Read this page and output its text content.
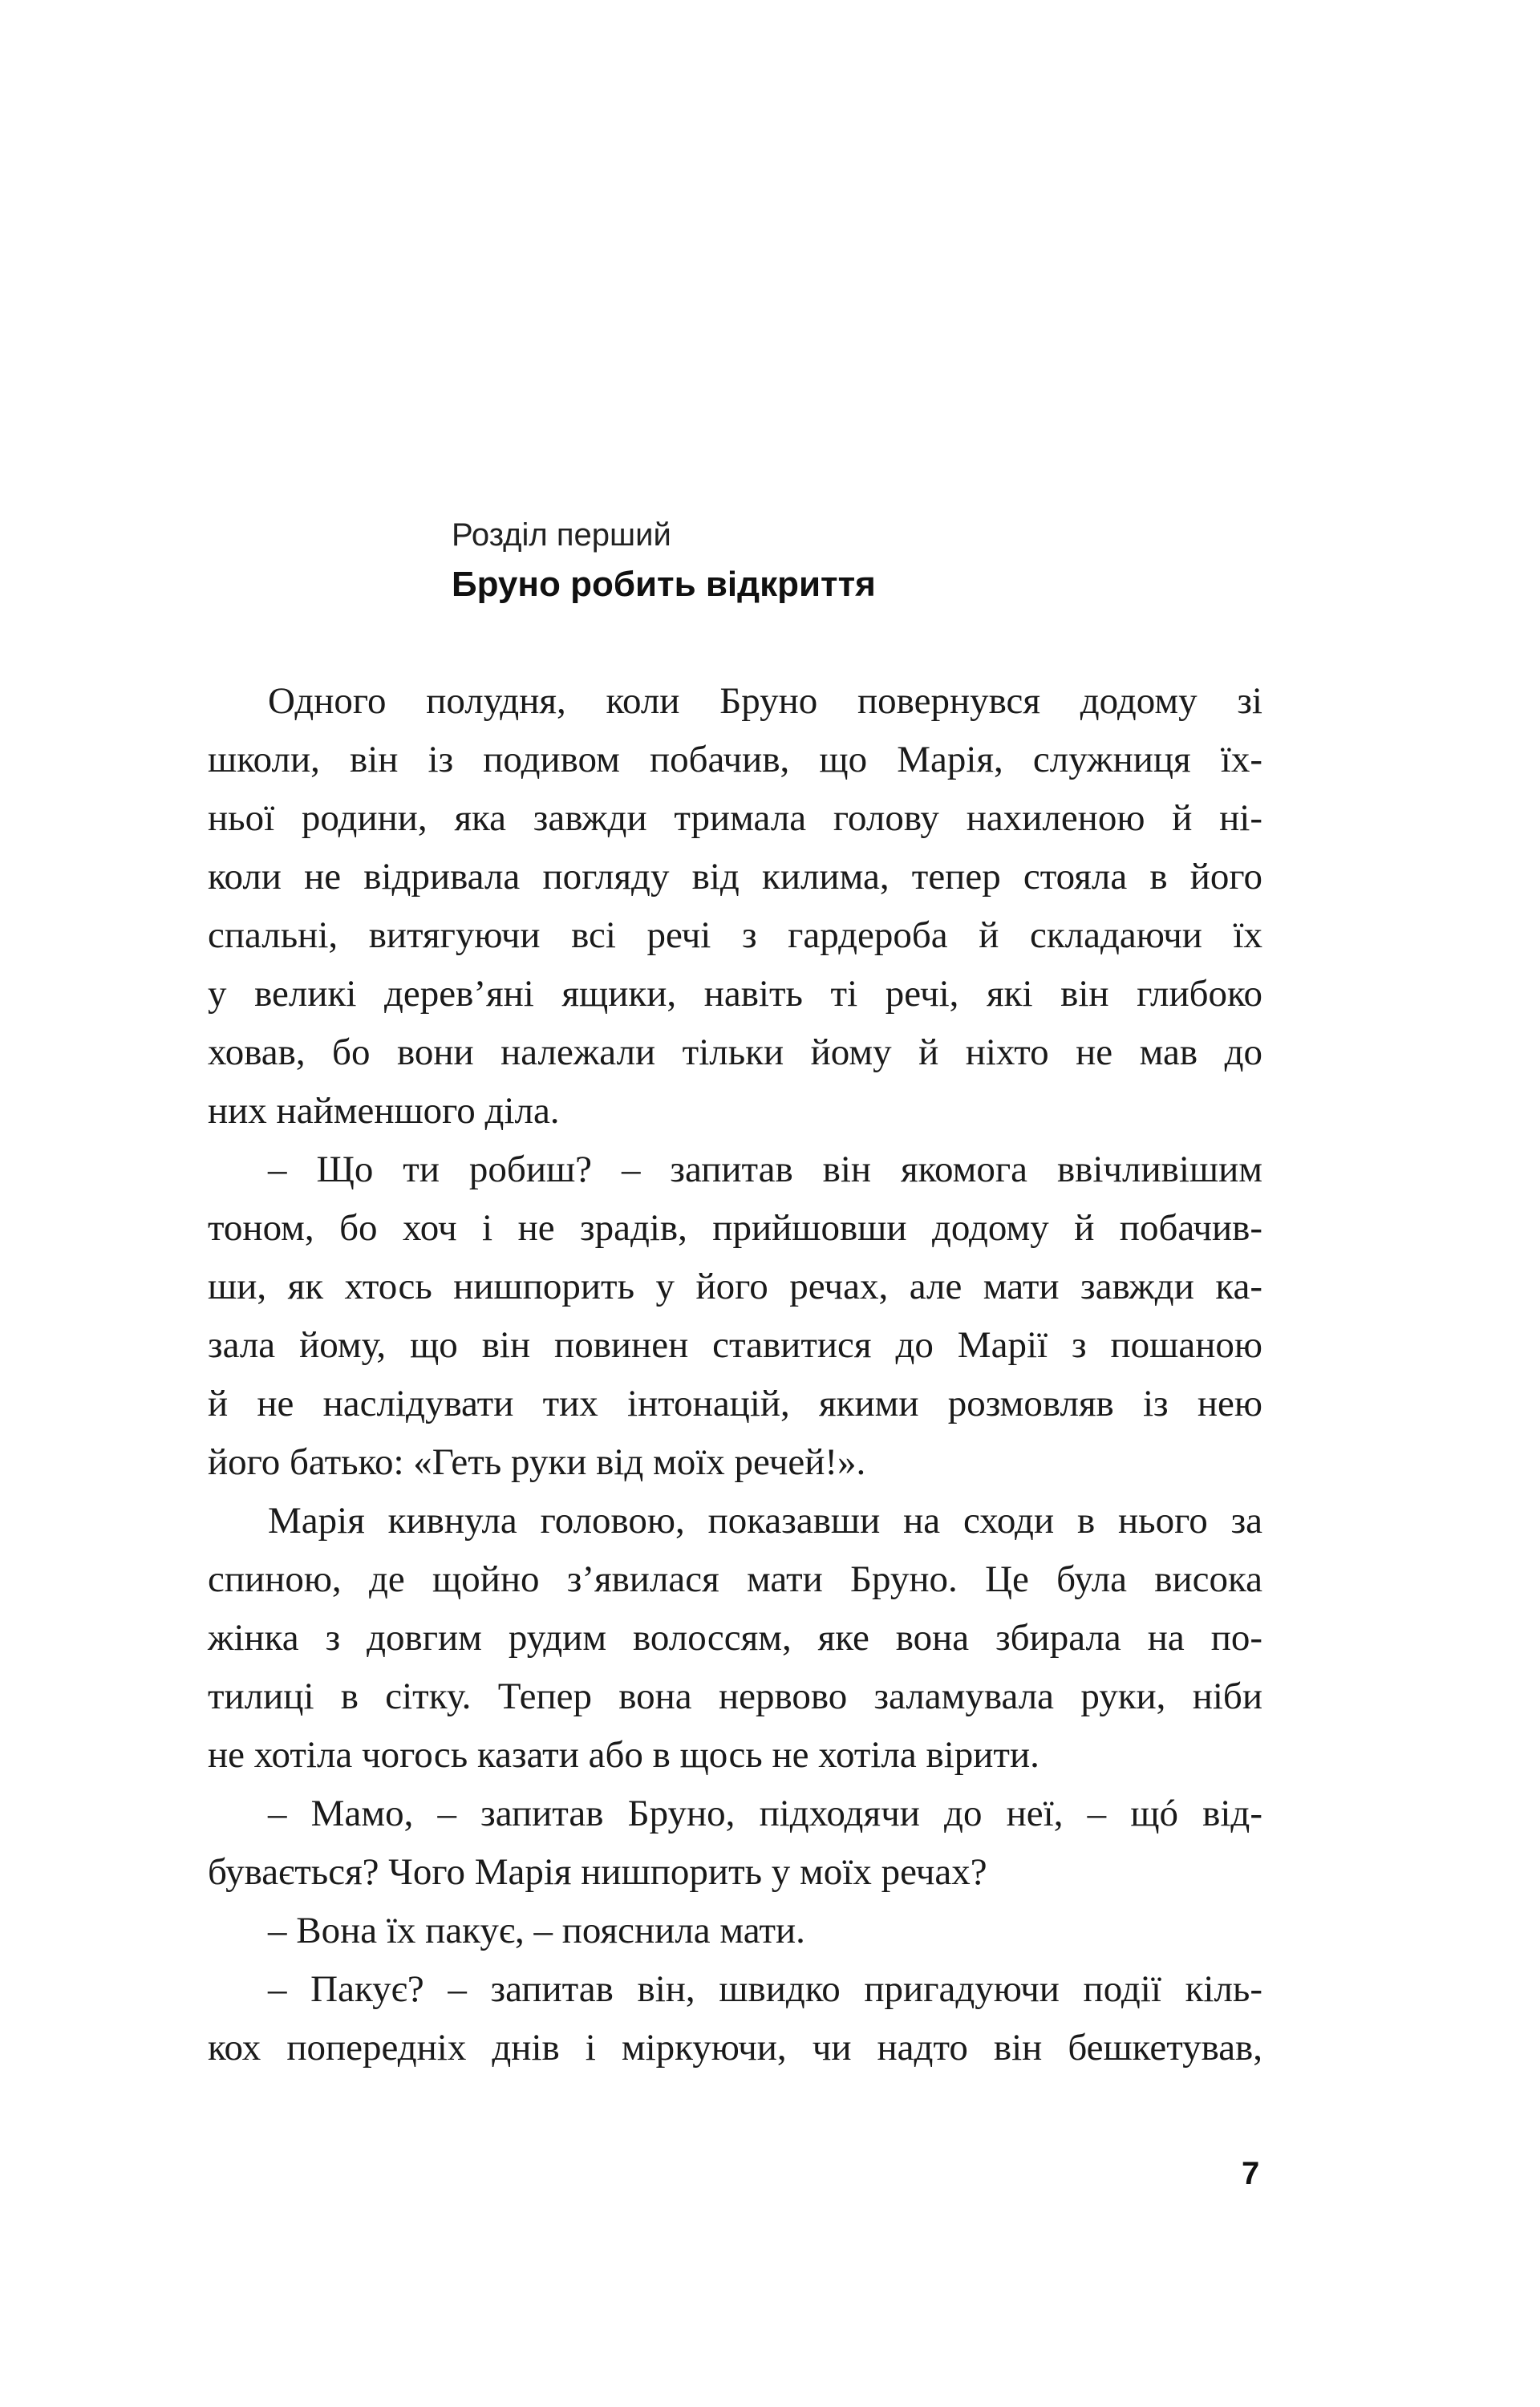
Розділ перший
Бруно робить відкриття
Одного полудня, коли Бруно повернувся додому зі
школи, він із подивом побачив, що Марія, служниця їх-
ньої родини, яка завжди тримала голову нахиленою й ні-
коли не відривала погляду від килима, тепер стояла в його
спальні, витягуючи всі речі з гардероба й складаючи їх
у великі дерев’яні ящики, навіть ті речі, які він глибоко
ховав, бо вони належали тільки йому й ніхто не мав до
них найменшого діла.
– Що ти робиш? – запитав він якомога ввічливішим
тоном, бо хоч і не зрадів, прийшовши додому й побачив-
ши, як хтось нишпорить у його речах, але мати завжди ка-
зала йому, що він повинен ставитися до Марії з пошаною
й не наслідувати тих інтонацій, якими розмовляв із нею
його батько: «Геть руки від моїх речей!».
Марія кивнула головою, показавши на сходи в нього за
спиною, де щойно з’явилася мати Бруно. Це була висока
жінка з довгим рудим волоссям, яке вона збирала на по-
тилиці в сітку. Тепер вона нервово заламувала руки, ніби
не хотіла чогось казати або в щось не хотіла вірити.
– Мамо, – запитав Бруно, підходячи до неї, – щó від-
бувається? Чого Марія нишпорить у моїх речах?
– Вона їх пакує, – пояснила мати.
– Пакує? – запитав він, швидко пригадуючи події кіль-
кох попередніх днів і міркуючи, чи надто він бешкетував,
7
